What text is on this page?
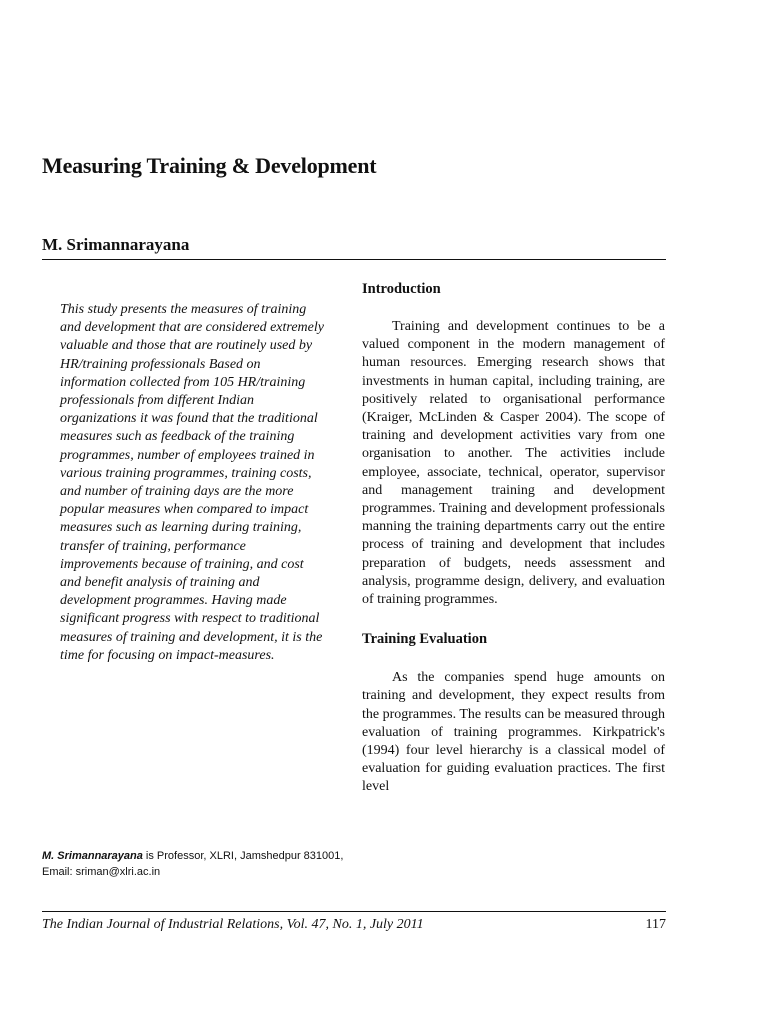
Measuring Training & Development
M. Srimannarayana

This study presents the measures of training and development that are considered extremely valuable and those that are routinely used by HR/training professionals Based on information collected from 105 HR/training professionals from different Indian organizations it was found that the traditional measures such as feedback of the training programmes, number of employees trained in various training programmes, training costs, and number of training days are the more popular measures when compared to impact measures such as learning during training, transfer of training, performance improvements because of training, and cost and benefit analysis of training and development programmes. Having made significant progress with respect to traditional measures of training and development, it is the time for focusing on impact-measures.

M. Srimannarayana is Professor, XLRI, Jamshedpur 831001, Email: sriman@xlri.ac.in
Introduction

Training and development continues to be a valued component in the modern management of human resources. Emerging research shows that investments in human capital, including training, are positively related to organisational performance (Kraiger, McLinden & Casper 2004). The scope of training and development activities vary from one organisation to another. The activities include employee, associate, technical, operator, supervisor and management training and development programmes. Training and development professionals manning the training departments carry out the entire process of training and development that includes preparation of budgets, needs assessment and analysis, programme design, delivery, and evaluation of training programmes.

Training Evaluation

As the companies spend huge amounts on training and development, they expect results from the programmes. The results can be measured through evaluation of training programmes. Kirkpatrick's (1994) four level hierarchy is a classical model of evaluation for guiding evaluation practices. The first level

The Indian Journal of Industrial Relations, Vol. 47, No. 1, July 2011	117
